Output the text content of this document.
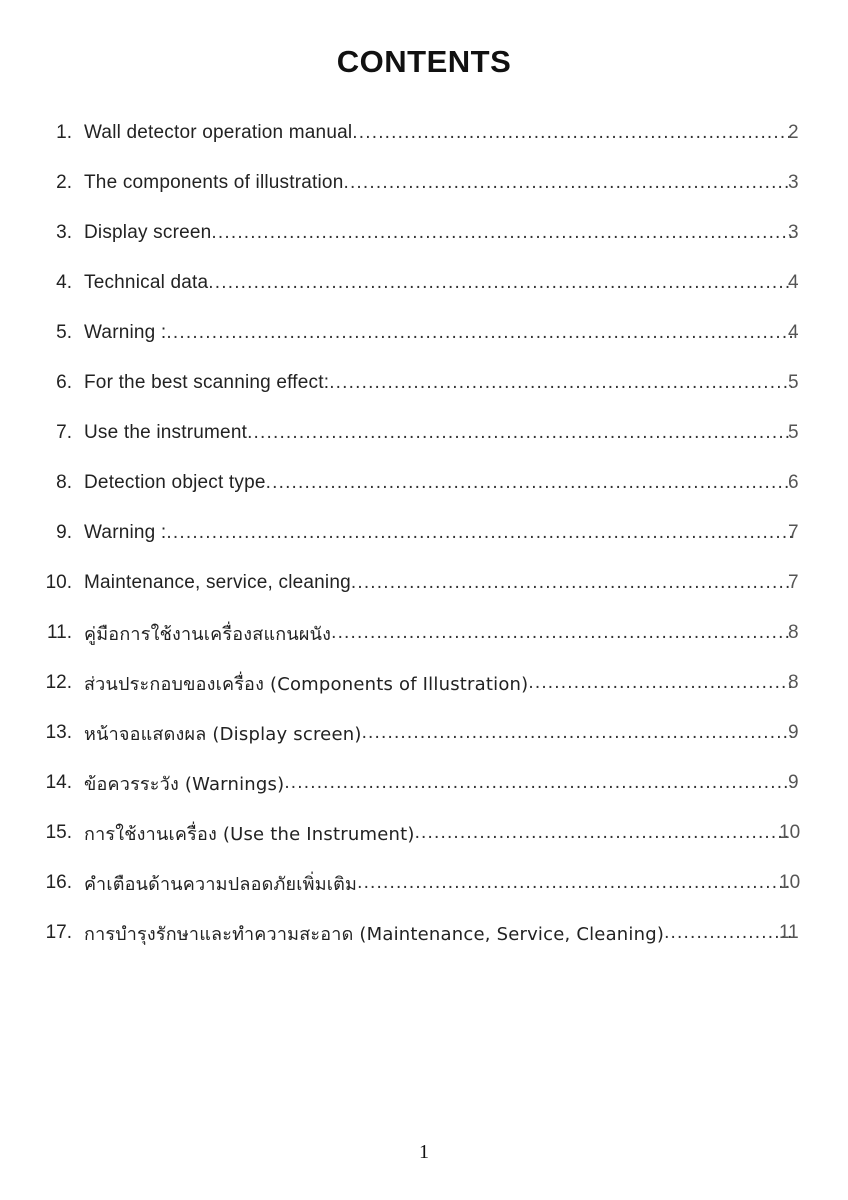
CONTENTS
1. Wall detector operation manual .....	2
2. The components of illustration .....	3
3. Display screen .....	3
4. Technical data .....	4
5. Warning : .....	4
6. For the best scanning effect: .....	5
7. Use the instrument .....	5
8. Detection object type .....	6
9. Warning : .....	7
10. Maintenance, service, cleaning .....	7
11. คู่มือการใช้งานเครื่องสแกนผนัง .....	8
12. ส่วนประกอบของเครื่อง (Components of Illustration) .....	8
13. หน้าจอแสดงผล (Display screen) .....	9
14. ข้อควรระวัง (Warnings) .....	9
15. การใช้งานเครื่อง (Use the Instrument) .....	10
16. คำเตือนด้านความปลอดภัยเพิ่มเติม .....	10
17. การบำรุงรักษาและทำความสะอาด (Maintenance, Service, Cleaning) .....	11
1
